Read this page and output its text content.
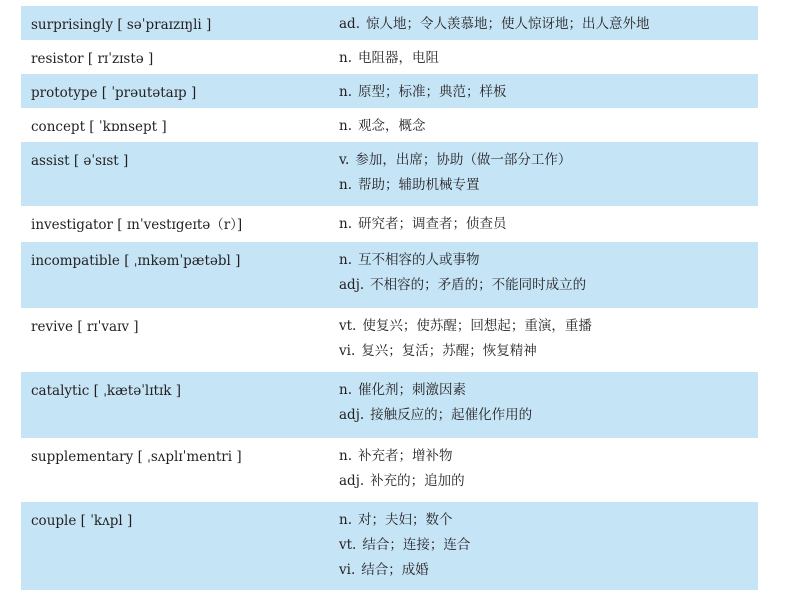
surprisingly [ səˈpraɪzɪŋli ]	ad. 惊人地；令人羡慕地；使人惊讶地；出人意外地

resistor [ rɪˈzɪstə ]	n. 电阻器，电阻

prototype [ ˈprəutətaɪp ]	n. 原型；标准；典范；样板

concept [ ˈkɒnsept ]	n. 观念，概念

assist [ əˈsɪst ]	v. 参加，出席；协助（做一部分工作）
n. 帮助；辅助机械专置

investigator [ ɪnˈvestɪgeɪtə（r）]	n. 研究者；调查者；侦查员

incompatible [ ˌɪnkəmˈpætəbl ]	n. 互不相容的人或事物
adj. 不相容的；矛盾的；不能同时成立的

revive [ rɪˈvaɪv ]	vt. 使复兴；使苏醒；回想起；重演，重播
vi. 复兴；复活；苏醒；恢复精神

catalytic [ ˌkætəˈlɪtɪk ]	n. 催化剂；刺激因素
adj. 接触反应的；起催化作用的

supplementary [ ˌsʌplɪˈmentri ]	n. 补充者；增补物
adj. 补充的；追加的

couple [ ˈkʌpl ]	n. 对；夫妇；数个
vt. 结合；连接；连合
vi. 结合；成婚
